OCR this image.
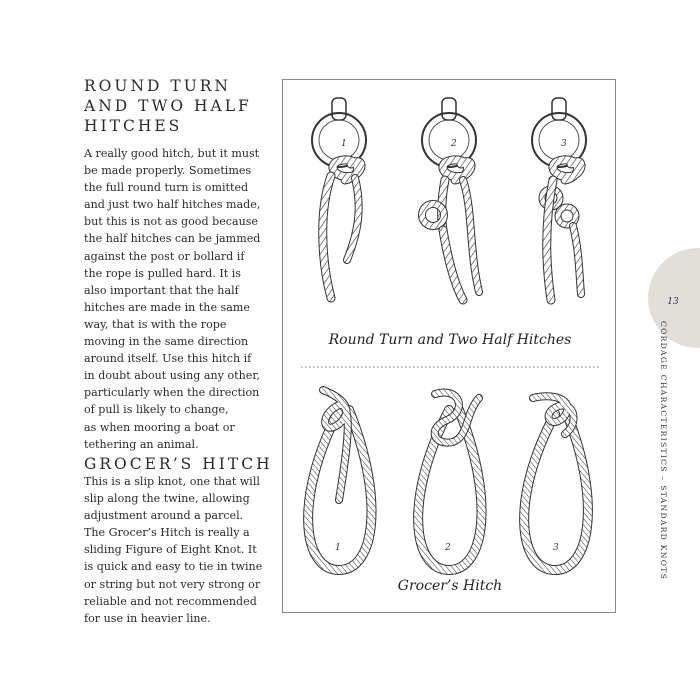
ROUND TURN
AND TWO HALF
HITCHES
A really good hitch, but it must
be made properly. Sometimes
the full round turn is omitted
and just two half hitches made,
but this is not as good because
the half hitches can be jammed
against the post or bollard if
the rope is pulled hard. It is
also important that the half
hitches are made in the same
way, that is with the rope
moving in the same direction
around itself. Use this hitch if
in doubt about using any other,
particularly when the direction
of pull is likely to change,
as when mooring a boat or
tethering an animal.
GROCER’S HITCH
This is a slip knot, one that will
slip along the twine, allowing
adjustment around a parcel.
The Grocer’s Hitch is really a
sliding Figure of Eight Knot. It
is quick and easy to tie in twine
or string but not very strong or
reliable and not recommended
for use in heavier line.
1	2	3
1	2	3
Round Turn and Two Half Hitches
Grocer’s Hitch
13
CORDAGE CHARACTERISTICS – STANDARD KNOTS
